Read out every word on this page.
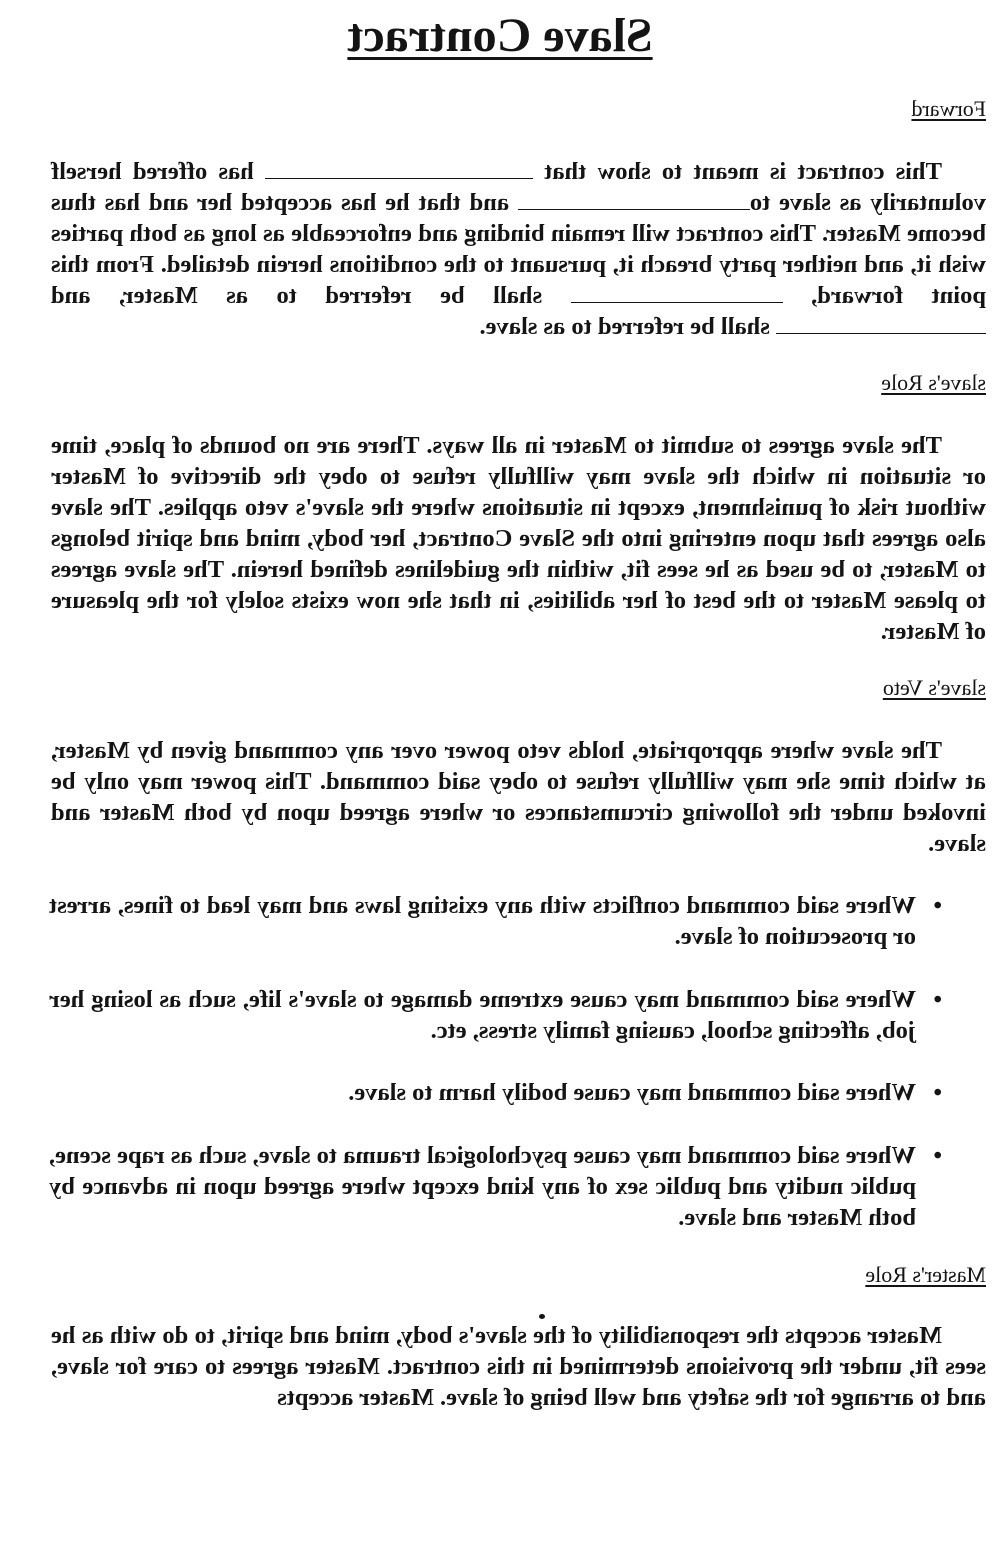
Slave Contract
Forward

This contract is meant to show that  has offered herself voluntarily as slave to and that he has accepted her and has thus become Master. This contract will remain binding and enforceable as long as both parties wish it, and neither party breach it, pursuant to the conditions herein detailed. From this point forward,  shall be referred to as Master, and  shall be referred to as slave.

slave's Role

The slave agrees to submit to Master in all ways. There are no bounds of place, time or situation in which the slave may willfully refuse to obey the directive of Master without risk of punishment, except in situations where the slave's veto applies. The slave also agrees that upon entering into the Slave Contract, her body, mind and spirit belongs to Master, to be used as he sees fit, within the guidelines defined herein. The slave agrees to please Master to the best of her abilities, in that she now exists solely for the pleasure of Master.

slave's Veto

The slave where appropriate, holds veto power over any command given by Master, at which time she may willfully refuse to obey said command. This power may only be invoked under the following circumstances or where agreed upon by both Master and slave.

•
Where said command conflicts with any existing laws and may lead to fines, arrest or prosecution of slave.
•
Where said command may cause extreme damage to slave's life, such as losing her job, affecting school, causing family stress, etc.
•
Where said command may cause bodily harm to slave.
•
Where said command may cause psychological trauma to slave, such as rape scene, public nudity and public sex of any kind except where agreed upon in advance by both Master and slave.
Master's Role

Master accepts the responsibility of the slave's body, mind and spirit, to do with as he sees fit, under the provisions determined in this contract. Master agrees to care for slave, and to arrange for the safety and well being of slave. Master accepts
